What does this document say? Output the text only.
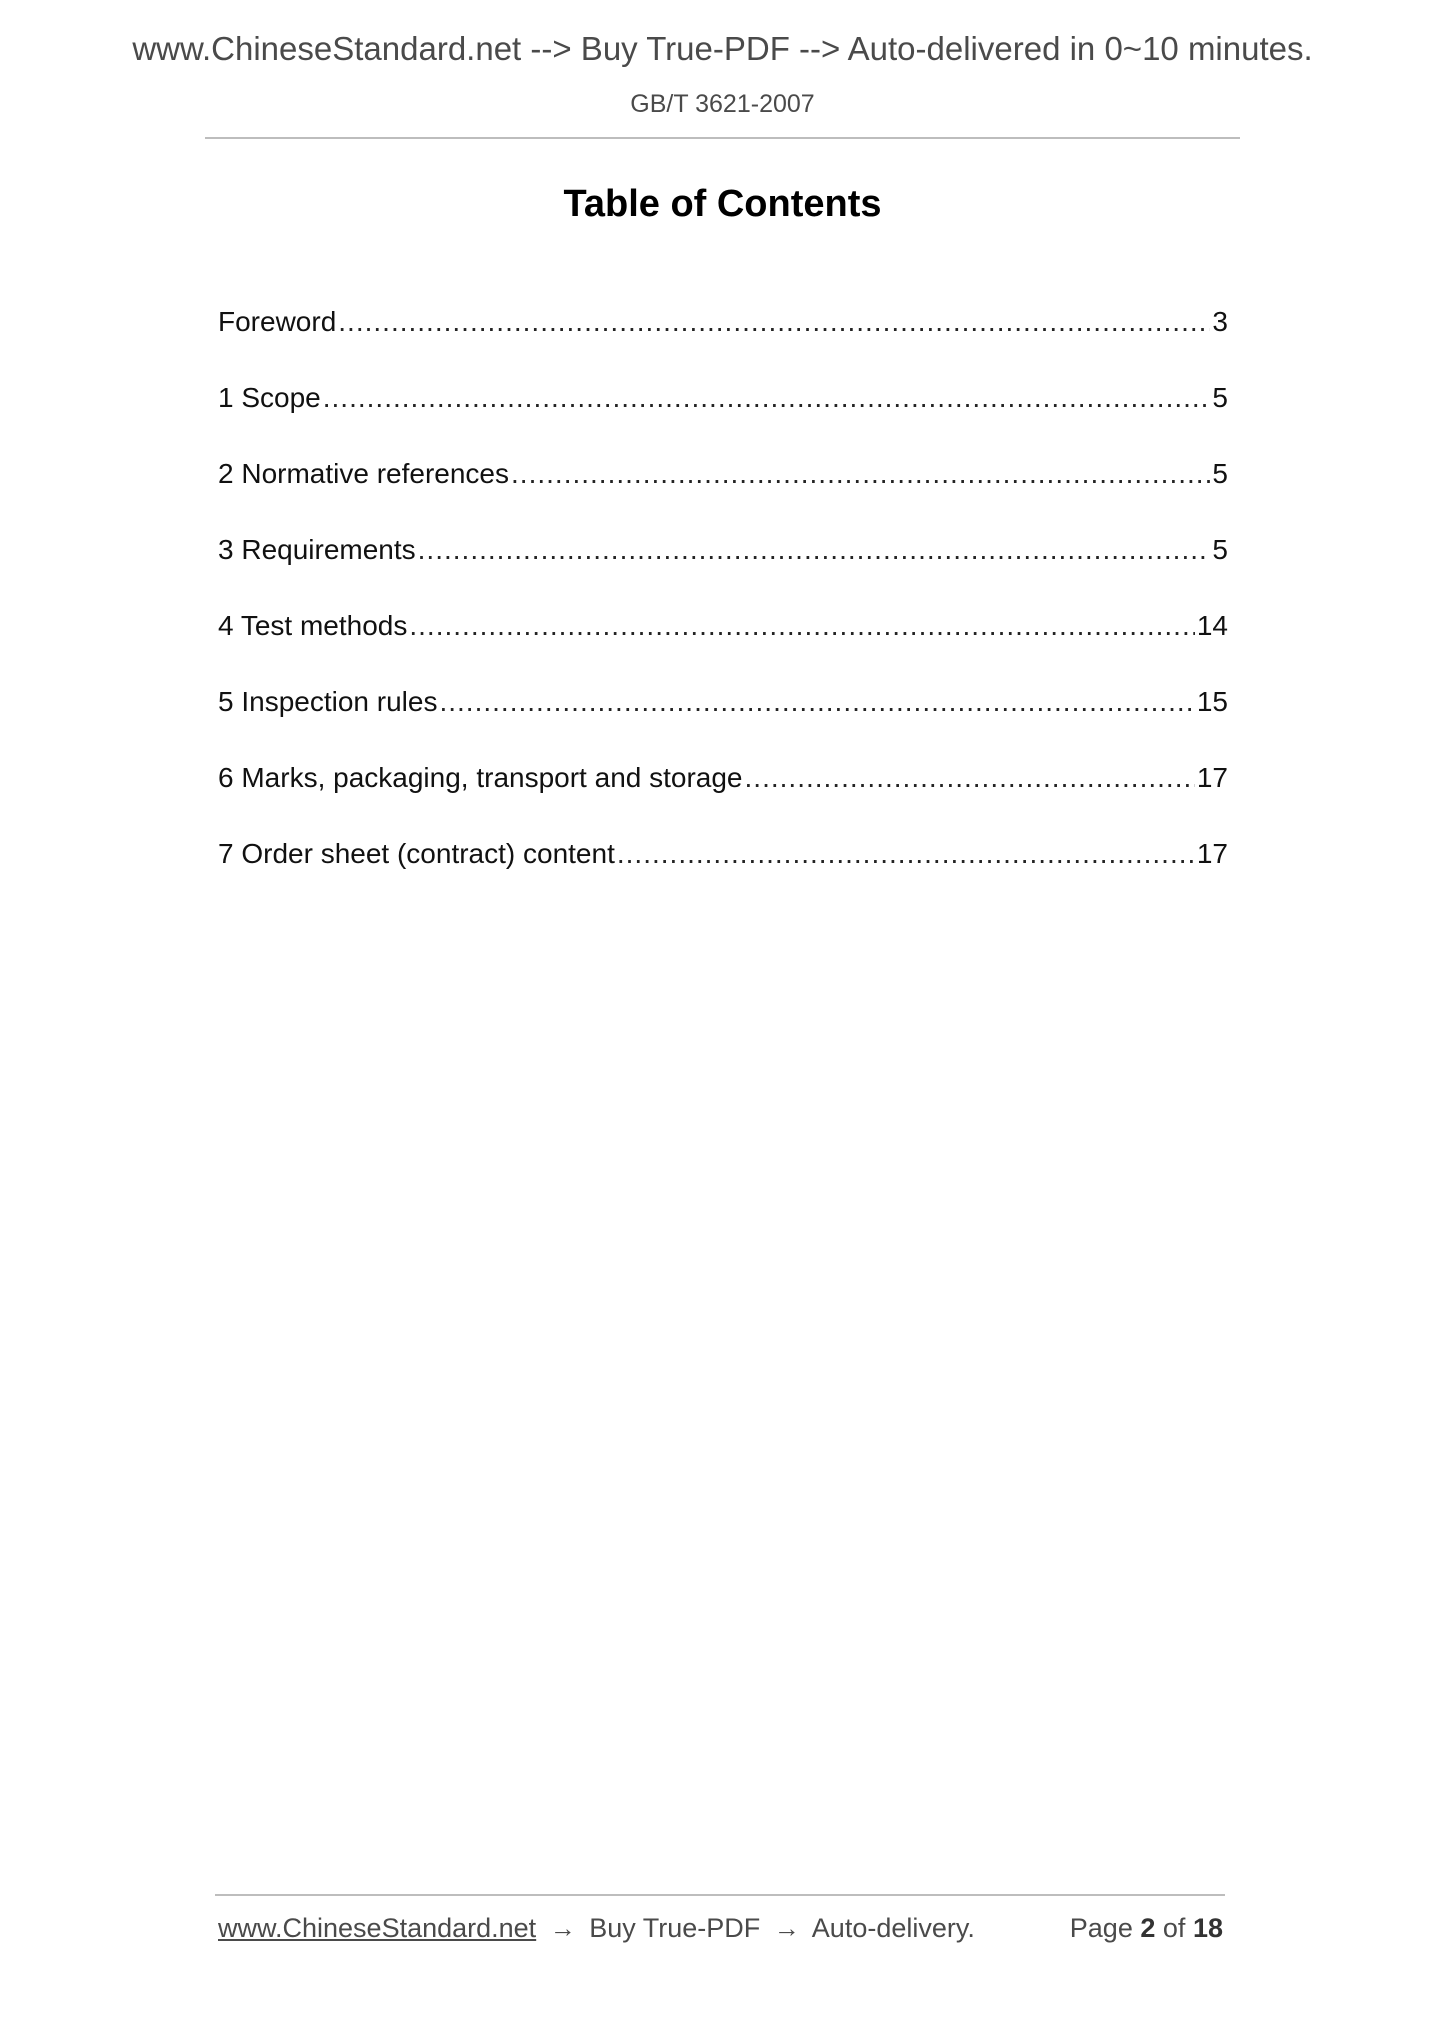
www.ChineseStandard.net --> Buy True-PDF --> Auto-delivered in 0~10 minutes.
GB/T 3621-2007
Table of Contents
Foreword .....	3
1 Scope .....	5
2 Normative references .....	5
3 Requirements .....	5
4 Test methods .....	14
5 Inspection rules .....	15
6 Marks, packaging, transport and storage .....	17
7 Order sheet (contract) content .....	17
www.ChineseStandard.net → Buy True-PDF → Auto-delivery.	Page 2 of 18
